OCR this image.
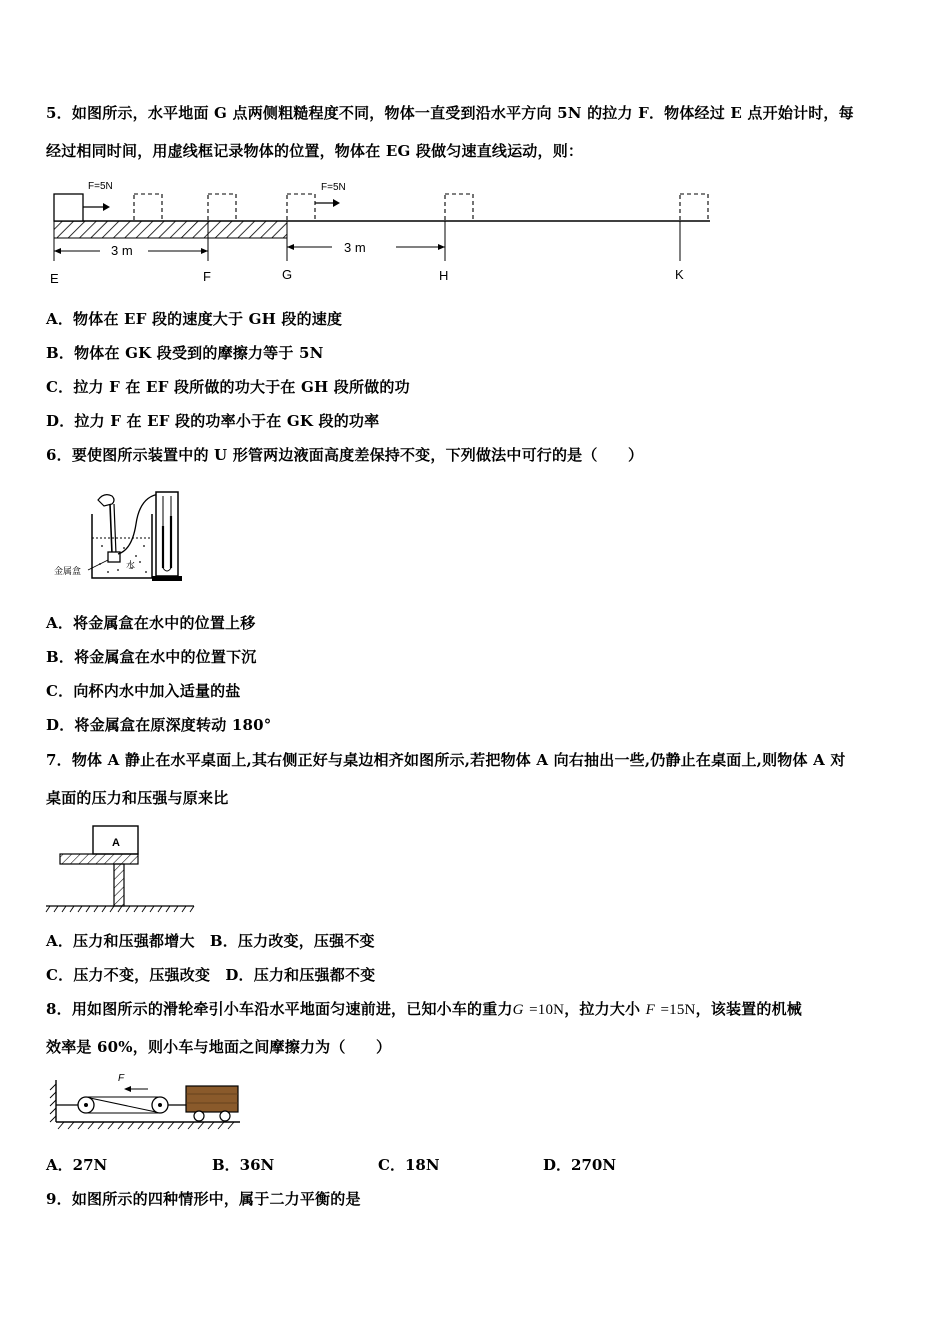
5．如图所示，水平地面 G 点两侧粗糙程度不同，物体一直受到沿水平方向 5N 的拉力 F．物体经过 E 点开始计时，每
经过相同时间，用虚线框记录物体的位置，物体在 EG 段做匀速直线运动，则：
F=5N	F=5N
3 m	3 m
E	F	G	H	K
A．物体在 EF 段的速度大于 GH 段的速度
B．物体在 GK 段受到的摩擦力等于 5N
C．拉力 F 在 EF 段所做的功大于在 GH 段所做的功
D．拉力 F 在 EF 段的功率小于在 GK 段的功率
6．要使图所示装置中的 U 形管两边液面高度差保持不变，下列做法中可行的是（　　）
金属盒
水
A．将金属盒在水中的位置上移
B．将金属盒在水中的位置下沉
C．向杯内水中加入适量的盐
D．将金属盒在原深度转动 180°
7．物体 A 静止在水平桌面上,其右侧正好与桌边相齐如图所示,若把物体 A 向右抽出一些,仍静止在桌面上,则物体 A 对
桌面的压力和压强与原来比
A
A．压力和压强都增大　B．压力改变，压强不变
C．压力不变，压强改变　D．压力和压强都不变
8．用如图所示的滑轮牵引小车沿水平地面匀速前进，已知小车的重力G =10N，拉力大小 F =15N，该装置的机械
效率是 60%，则小车与地面之间摩擦力为（　　）
F
A．27N	B．36N	C．18N	D．270N
9．如图所示的四种情形中，属于二力平衡的是
